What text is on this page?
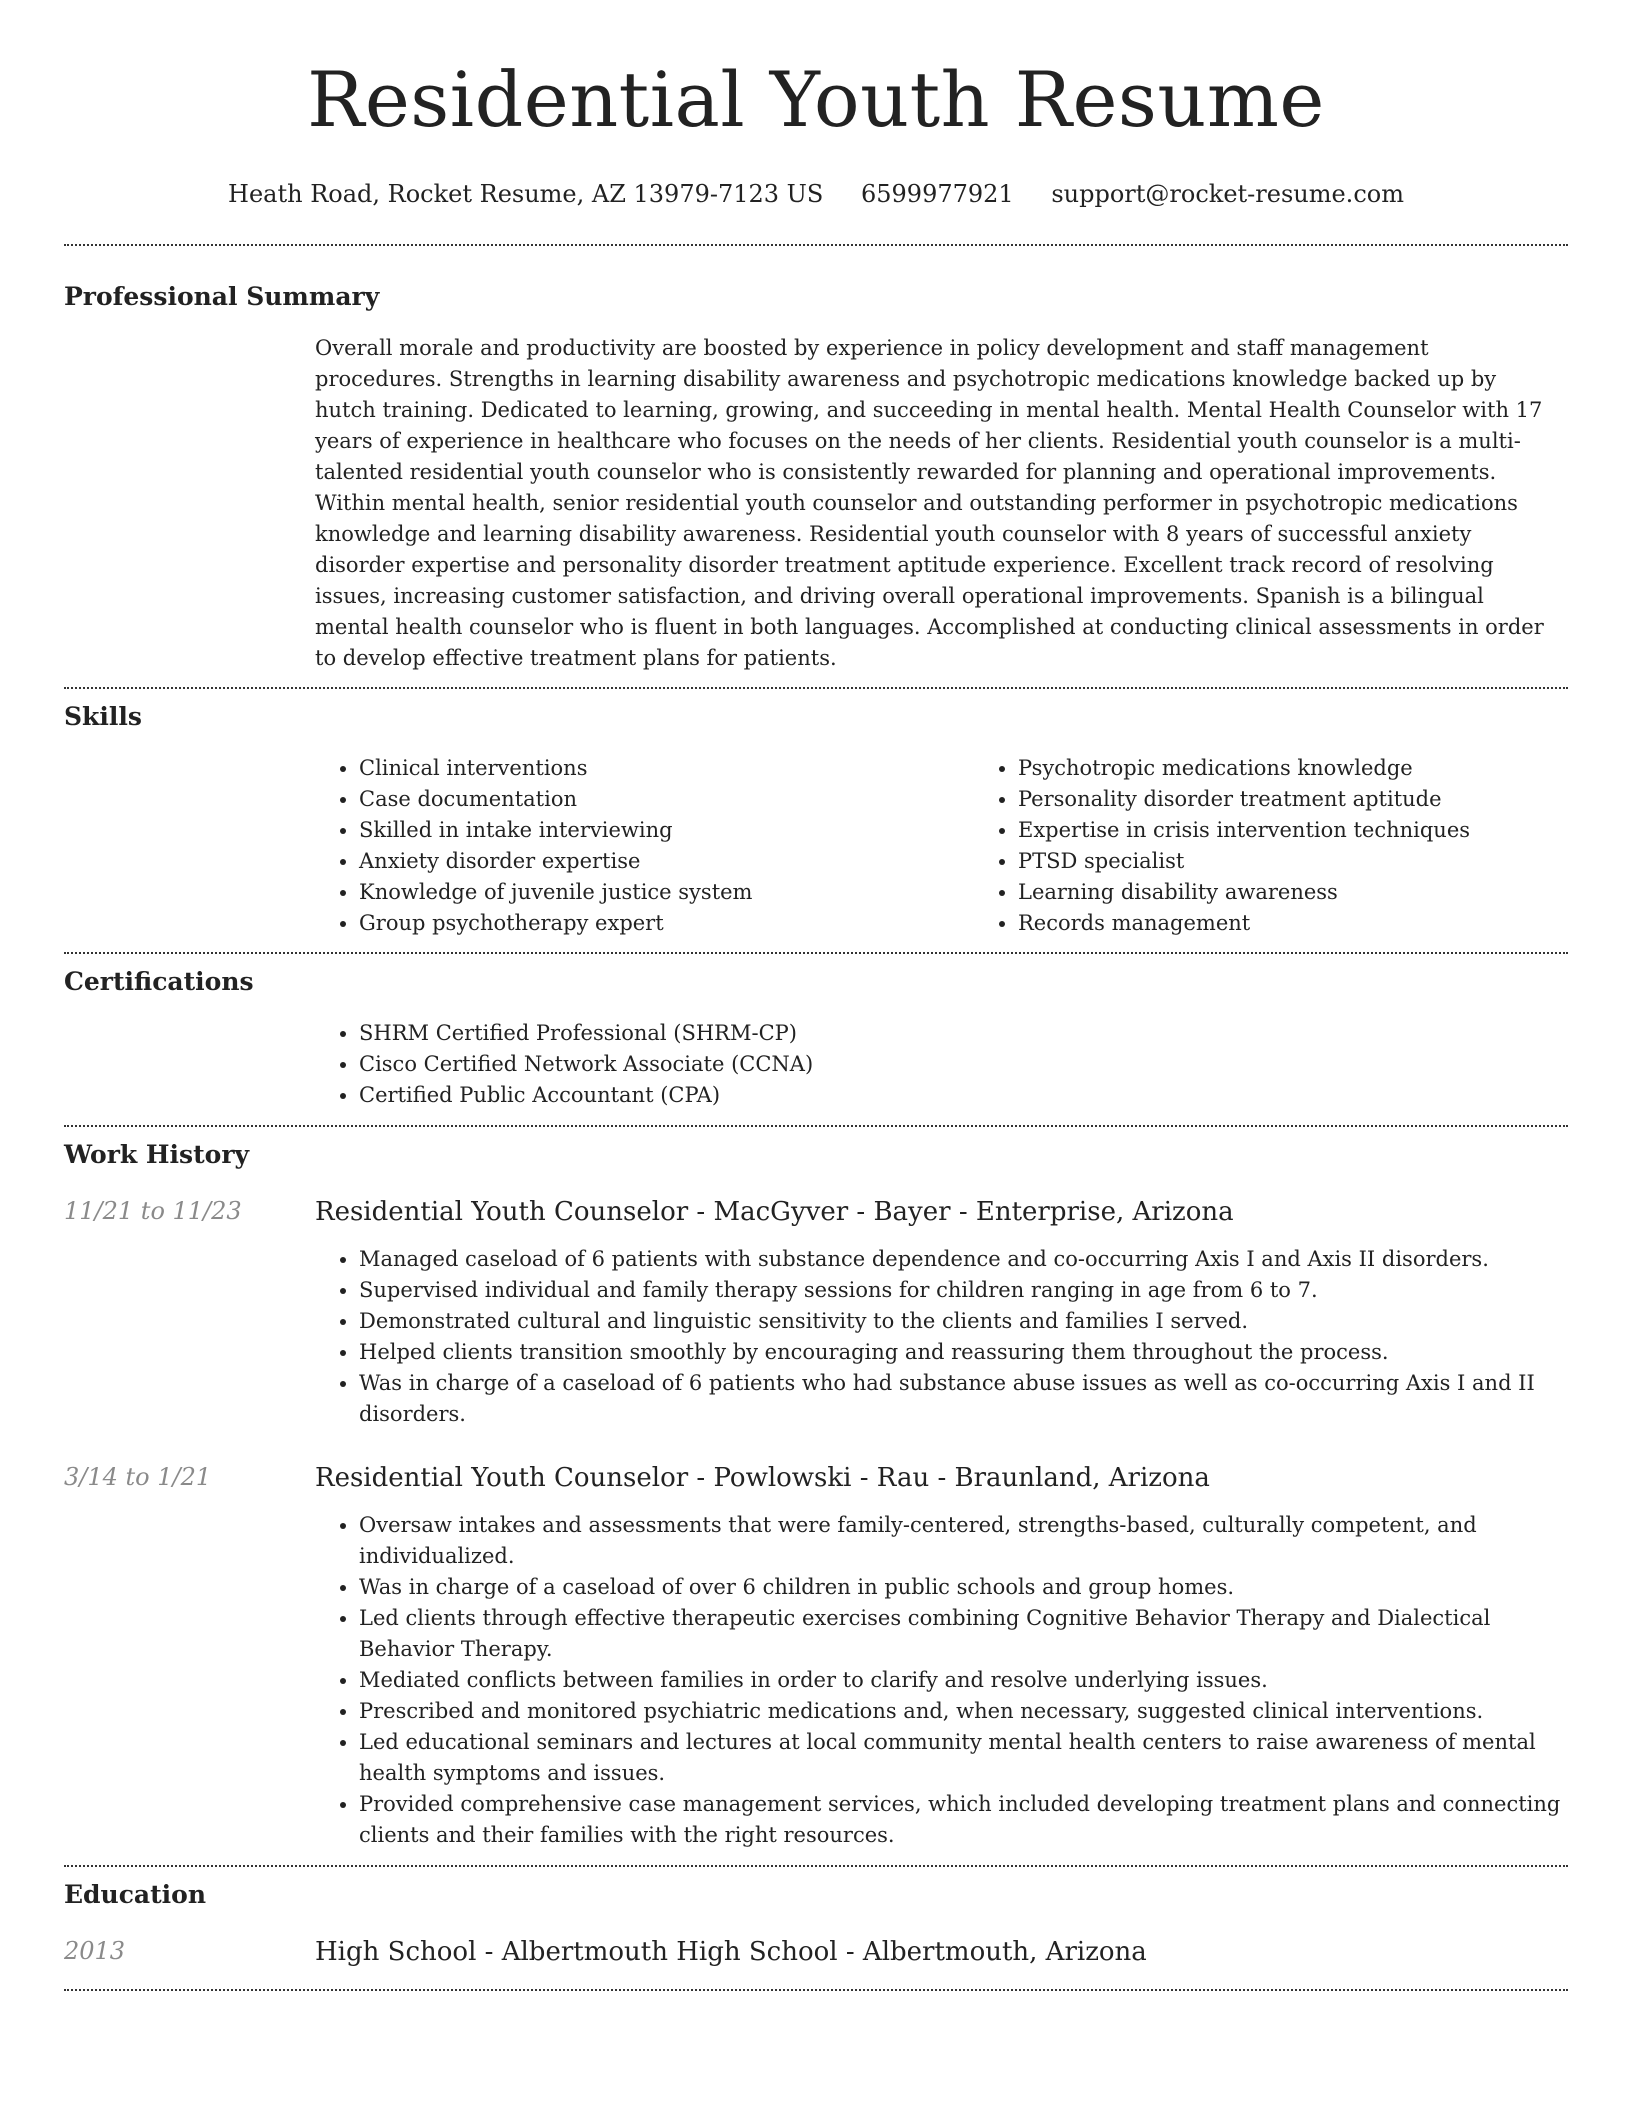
Residential Youth Resume
Heath Road, Rocket Resume, AZ 13979-7123 US 6599977921 support@rocket-resume.com
Professional Summary
Overall morale and productivity are boosted by experience in policy development and staff management procedures. Strengths in learning disability awareness and psychotropic medications knowledge backed up by hutch training. Dedicated to learning, growing, and succeeding in mental health. Mental Health Counselor with 17 years of experience in healthcare who focuses on the needs of her clients. Residential youth counselor is a multi-talented residential youth counselor who is consistently rewarded for planning and operational improvements. Within mental health, senior residential youth counselor and outstanding performer in psychotropic medications knowledge and learning disability awareness. Residential youth counselor with 8 years of successful anxiety disorder expertise and personality disorder treatment aptitude experience. Excellent track record of resolving issues, increasing customer satisfaction, and driving overall operational improvements. Spanish is a bilingual mental health counselor who is fluent in both languages. Accomplished at conducting clinical assessments in order to develop effective treatment plans for patients.
Skills
• Clinical interventions
• Case documentation
• Skilled in intake interviewing
• Anxiety disorder expertise
• Knowledge of juvenile justice system
• Group psychotherapy expert
• Psychotropic medications knowledge
• Personality disorder treatment aptitude
• Expertise in crisis intervention techniques
• PTSD specialist
• Learning disability awareness
• Records management
Certifications
• SHRM Certified Professional (SHRM-CP)
• Cisco Certified Network Associate (CCNA)
• Certified Public Accountant (CPA)
Work History
11/21 to 11/23	Residential Youth Counselor - MacGyver - Bayer - Enterprise, Arizona
• Managed caseload of 6 patients with substance dependence and co-occurring Axis I and Axis II disorders.
• Supervised individual and family therapy sessions for children ranging in age from 6 to 7.
• Demonstrated cultural and linguistic sensitivity to the clients and families I served.
• Helped clients transition smoothly by encouraging and reassuring them throughout the process.
• Was in charge of a caseload of 6 patients who had substance abuse issues as well as co-occurring Axis I and II disorders.
3/14 to 1/21	Residential Youth Counselor - Powlowski - Rau - Braunland, Arizona
• Oversaw intakes and assessments that were family-centered, strengths-based, culturally competent, and individualized.
• Was in charge of a caseload of over 6 children in public schools and group homes.
• Led clients through effective therapeutic exercises combining Cognitive Behavior Therapy and Dialectical Behavior Therapy.
• Mediated conflicts between families in order to clarify and resolve underlying issues.
• Prescribed and monitored psychiatric medications and, when necessary, suggested clinical interventions.
• Led educational seminars and lectures at local community mental health centers to raise awareness of mental health symptoms and issues.
• Provided comprehensive case management services, which included developing treatment plans and connecting clients and their families with the right resources.
Education
2013	High School - Albertmouth High School - Albertmouth, Arizona
